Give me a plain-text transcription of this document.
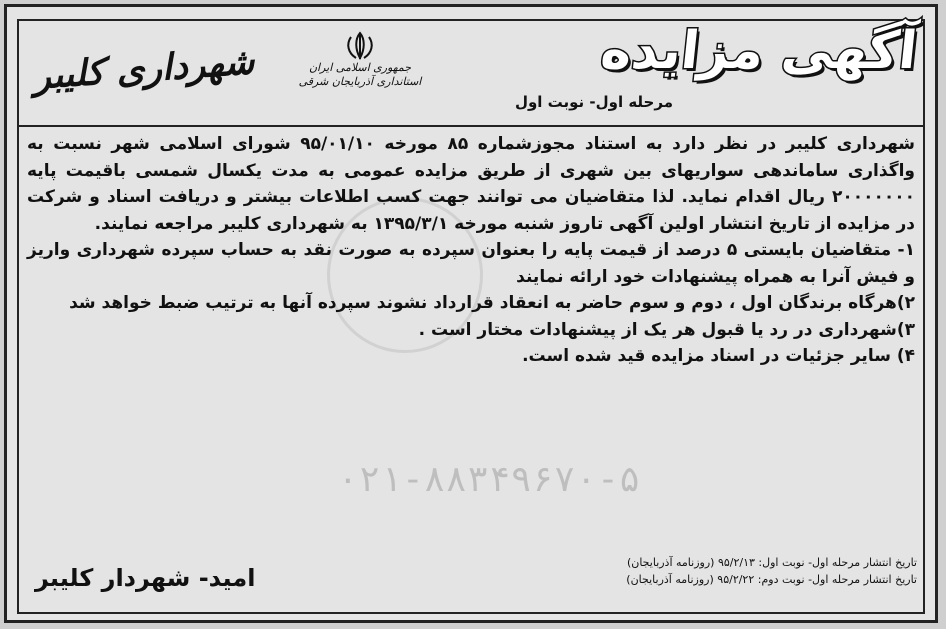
آگهی مزایده
مرحله اول- نوبت اول
جمهوری اسلامی ایران
استانداری آذربایجان شرقی
شهرداری کلیبر

شهرداری کلیبر در نظر دارد به استناد مجوزشماره ۸۵ مورخه ۹۵/۰۱/۱۰ شورای اسلامی شهر نسبت به واگذاری ساماندهی سواریهای بین شهری از طریق مزایده عمومی به مدت یکسال شمسی باقیمت پایه ۲۰۰۰۰۰۰۰ ریال اقدام نماید. لذا متقاضیان می توانند جهت کسب اطلاعات بیشتر و دریافت اسناد و شرکت در مزایده از تاریخ انتشار اولین آگهی تاروز شنبه مورخه ۱۳۹۵/۳/۱ به شهرداری کلیبر مراجعه نمایند.

۱- متقاضیان بایستی ۵ درصد از قیمت پایه را بعنوان سپرده به صورت نقد به حساب سپرده شهرداری واریز و فیش آنرا به همراه پیشنهادات خود ارائه نمایند

۲)هرگاه برندگان اول ، دوم و سوم حاضر به انعقاد قرارداد نشوند سپرده آنها به ترتیب ضبط خواهد شد

۳)شهرداری در رد یا قبول هر یک از پیشنهادات مختار است .

۴) سایر جزئیات در اسناد مزایده قید شده است.

تاریخ انتشار مرحله اول- نوبت اول: ۹۵/۲/۱۳ (روزنامه آذربایجان)
تاریخ انتشار مرحله اول- نوبت دوم: ۹۵/۲/۲۲ (روزنامه آذربایجان)
امید- شهردار کلیبر
۰۲۱-۸۸۳۴۹۶۷۰-۵
